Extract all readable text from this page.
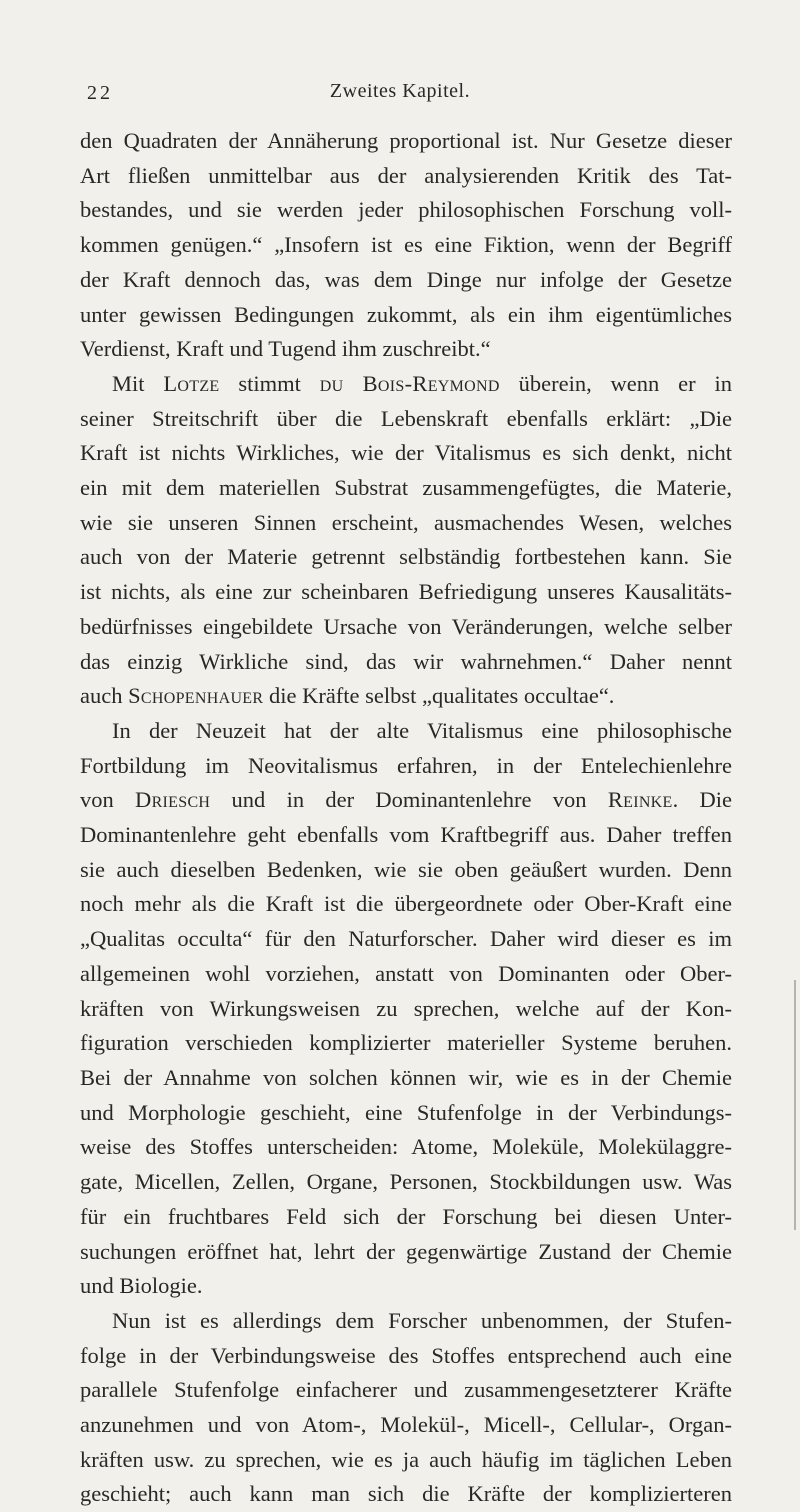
22	Zweites Kapitel.
den Quadraten der Annäherung proportional ist. Nur Gesetze dieser
Art fließen unmittelbar aus der analysierenden Kritik des Tat-
bestandes, und sie werden jeder philosophischen Forschung voll-
kommen genügen.“ „Insofern ist es eine Fiktion, wenn der Begriff
der Kraft dennoch das, was dem Dinge nur infolge der Gesetze
unter gewissen Bedingungen zukommt, als ein ihm eigentümliches
Verdienst, Kraft und Tugend ihm zuschreibt.“
Mit Lotze stimmt du Bois-Reymond überein, wenn er in
seiner Streitschrift über die Lebenskraft ebenfalls erklärt: „Die
Kraft ist nichts Wirkliches, wie der Vitalismus es sich denkt, nicht
ein mit dem materiellen Substrat zusammengefügtes, die Materie,
wie sie unseren Sinnen erscheint, ausmachendes Wesen, welches
auch von der Materie getrennt selbständig fortbestehen kann. Sie
ist nichts, als eine zur scheinbaren Befriedigung unseres Kausalitäts-
bedürfnisses eingebildete Ursache von Veränderungen, welche selber
das einzig Wirkliche sind, das wir wahrnehmen.“ Daher nennt
auch Schopenhauer die Kräfte selbst „qualitates occultae“.
In der Neuzeit hat der alte Vitalismus eine philosophische
Fortbildung im Neovitalismus erfahren, in der Entelechienlehre
von Driesch und in der Dominantenlehre von Reinke. Die
Dominantenlehre geht ebenfalls vom Kraftbegriff aus. Daher treffen
sie auch dieselben Bedenken, wie sie oben geäußert wurden. Denn
noch mehr als die Kraft ist die übergeordnete oder Ober-Kraft eine
„Qualitas occulta“ für den Naturforscher. Daher wird dieser es im
allgemeinen wohl vorziehen, anstatt von Dominanten oder Ober-
kräften von Wirkungsweisen zu sprechen, welche auf der Kon-
figuration verschieden komplizierter materieller Systeme beruhen.
Bei der Annahme von solchen können wir, wie es in der Chemie
und Morphologie geschieht, eine Stufenfolge in der Verbindungs-
weise des Stoffes unterscheiden: Atome, Moleküle, Molekülaggre-
gate, Micellen, Zellen, Organe, Personen, Stockbildungen usw. Was
für ein fruchtbares Feld sich der Forschung bei diesen Unter-
suchungen eröffnet hat, lehrt der gegenwärtige Zustand der Chemie
und Biologie.
Nun ist es allerdings dem Forscher unbenommen, der Stufen-
folge in der Verbindungsweise des Stoffes entsprechend auch eine
parallele Stufenfolge einfacherer und zusammengesetzterer Kräfte
anzunehmen und von Atom-, Molekül-, Micell-, Cellular-, Organ-
kräften usw. zu sprechen, wie es ja auch häufig im täglichen Leben
geschieht; auch kann man sich die Kräfte der komplizierteren
